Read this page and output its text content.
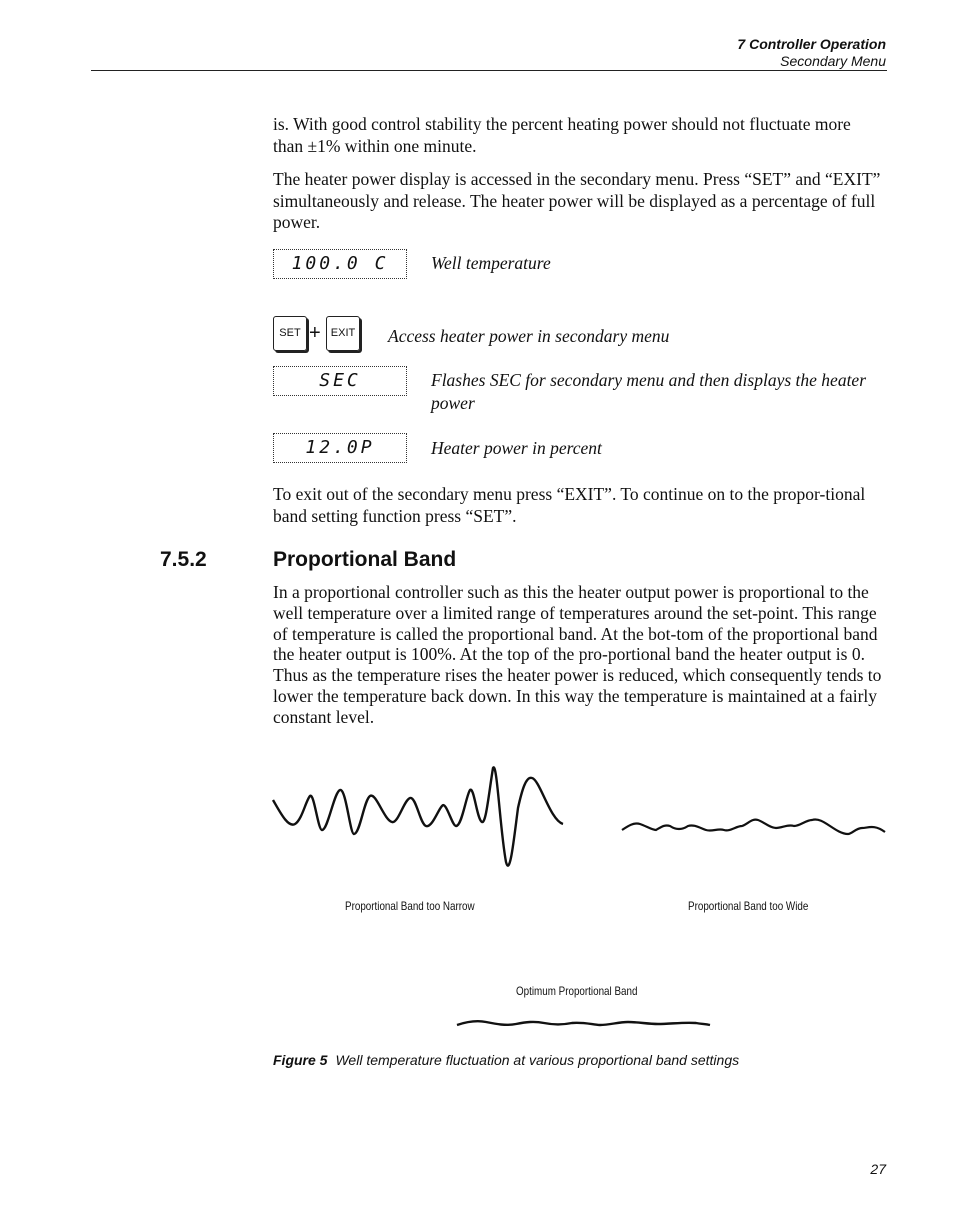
7 Controller Operation
Secondary Menu

is. With good control stability the percent heating power should not fluctuate more than ±1% within one minute.

The heater power display is accessed in the secondary menu. Press “SET” and “EXIT” simultaneously and release. The heater power will be displayed as a percentage of full power.

100.0 C	Well temperature
SET + EXIT Access heater power in secondary menu
SEC	Flashes SEC for secondary menu and then displays the heater power
12.0P	Heater power in percent

To exit out of the secondary menu press “EXIT”. To continue on to the propor-tional band setting function press “SET”.

7.5.2	Proportional Band

In a proportional controller such as this the heater output power is proportional to the well temperature over a limited range of temperatures around the set-point. This range of temperature is called the proportional band. At the bot-tom of the proportional band the heater output is 100%. At the top of the pro-portional band the heater output is 0. Thus as the temperature rises the heater power is reduced, which consequently tends to lower the temperature back down. In this way the temperature is maintained at a fairly constant level.

Proportional Band too Narrow	Proportional Band too Wide
Optimum Proportional Band
Figure 5 Well temperature fluctuation at various proportional band settings
27
